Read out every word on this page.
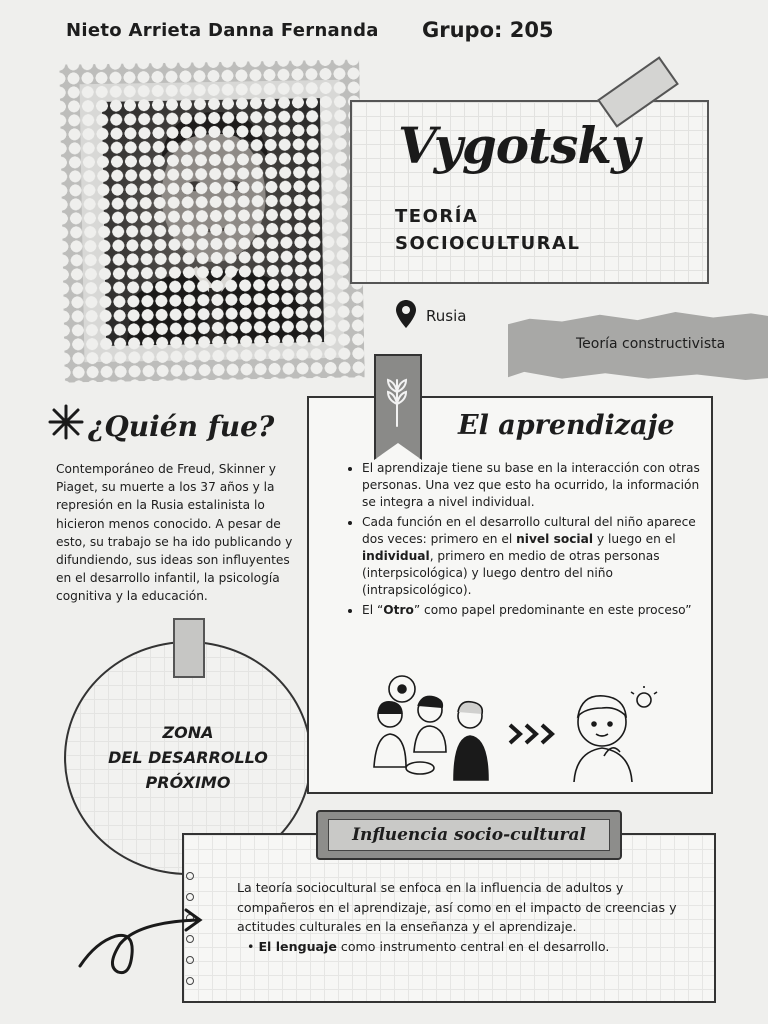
Nieto Arrieta Danna Fernanda Grupo: 205
Vygotsky
TEORÍA
SOCIOCULTURAL
Rusia
Teoría constructivista
¿Quién fue?
Contemporáneo de Freud, Skinner y Piaget, su muerte a los 37 años y la represión en la Rusia estalinista lo hicieron menos conocido. A pesar de esto, su trabajo se ha ido publicando y difundiendo, sus ideas son influyentes en el desarrollo infantil, la psicología cognitiva y la educación.
ZONA
DEL DESARROLLO
PRÓXIMO
El aprendizaje
• El aprendizaje tiene su base en la interacción con otras personas. Una vez que esto ha ocurrido, la información se integra a nivel individual.
• Cada función en el desarrollo cultural del niño aparece dos veces: primero en el nivel social y luego en el individual, primero en medio de otras personas (interpsicológica) y luego dentro del niño (intrapsicológico).
• El “Otro” como papel predominante en este proceso”
Influencia socio-cultural
La teoría sociocultural se enfoca en la influencia de adultos y compañeros en el aprendizaje, así como en el impacto de creencias y actitudes culturales en la enseñanza y el aprendizaje.
• El lenguaje como instrumento central en el desarrollo.
